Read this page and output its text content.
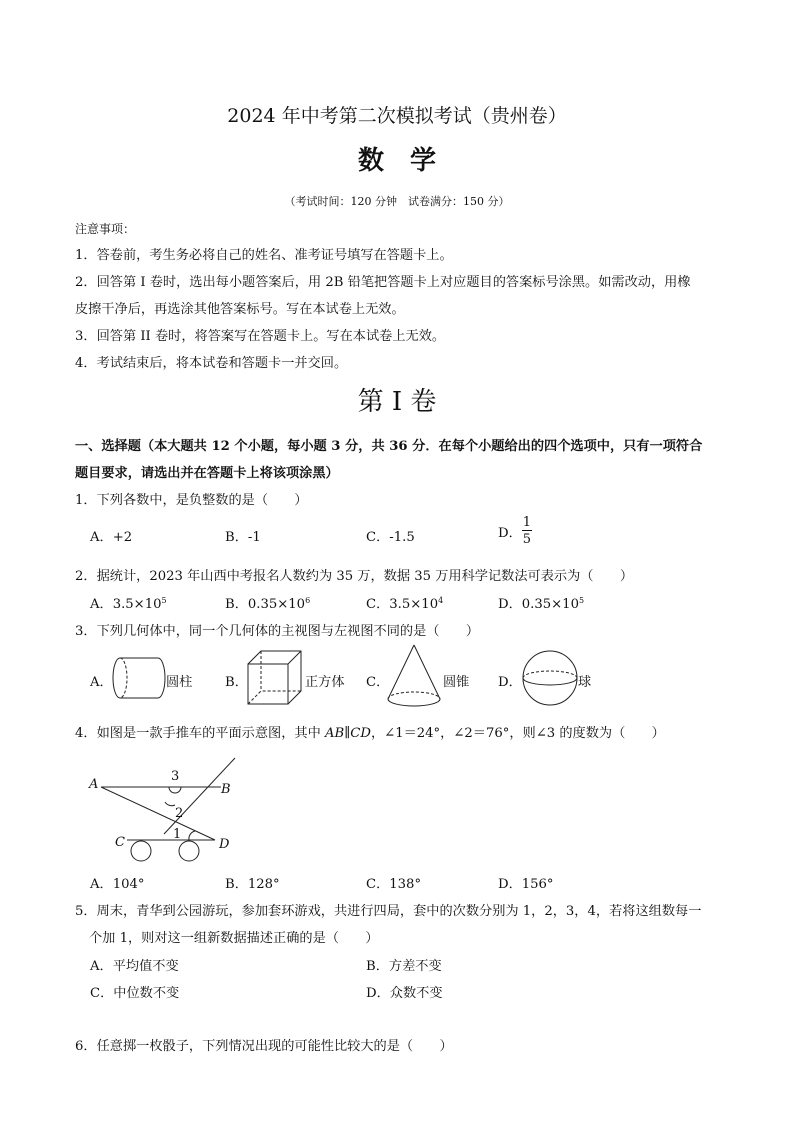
2024 年中考第二次模拟考试（贵州卷）
数学
（考试时间：120 分钟　试卷满分：150 分）
注意事项：
1．答卷前，考生务必将自己的姓名、准考证号填写在答题卡上。
2．回答第 I 卷时，选出每小题答案后，用 2B 铅笔把答题卡上对应题目的答案标号涂黑。如需改动，用橡
皮擦干净后，再选涂其他答案标号。写在本试卷上无效。
3．回答第 II 卷时，将答案写在答题卡上。写在本试卷上无效。
4．考试结束后，将本试卷和答题卡一并交回。
第 I 卷
一、选择题（本大题共 12 个小题，每小题 3 分，共 36 分．在每个小题给出的四个选项中，只有一项符合
题目要求，请选出并在答题卡上将该项涂黑）
1．下列各数中，是负整数的是（　　）
A．+2	B．-1	C．-1.5	D． $\frac{1}{5}$
2．据统计，2023 年山西中考报名人数约为 35 万，数据 35 万用科学记数法可表示为（　　）
A．$3.5\times 10^5$	B．$0.35\times 10^6$	C．$3.5\times 10^4$	D．$0.35\times 10^5$
3．下列几何体中，同一个几何体的主视图与左视图不同的是（　　）
A．	圆柱 B．	正方体 C．	圆锥 D．	球
4．如图是一款手推车的平面示意图，其中 AB∥CD，∠1＝24°，∠2＝76°，则∠3 的度数为（　　）
A	B
C	D
3
2
1
A．104°	B．128°	C．138°	D．156°
5．周末，青华到公园游玩，参加套环游戏，共进行四局，套中的次数分别为 1，2，3，4，若将这组数每一
个加 1，则对这一组新数据描述正确的是（　　）
A．平均值不变	B．方差不变
C．中位数不变	D．众数不变
6．任意掷一枚骰子，下列情况出现的可能性比较大的是（　　）
